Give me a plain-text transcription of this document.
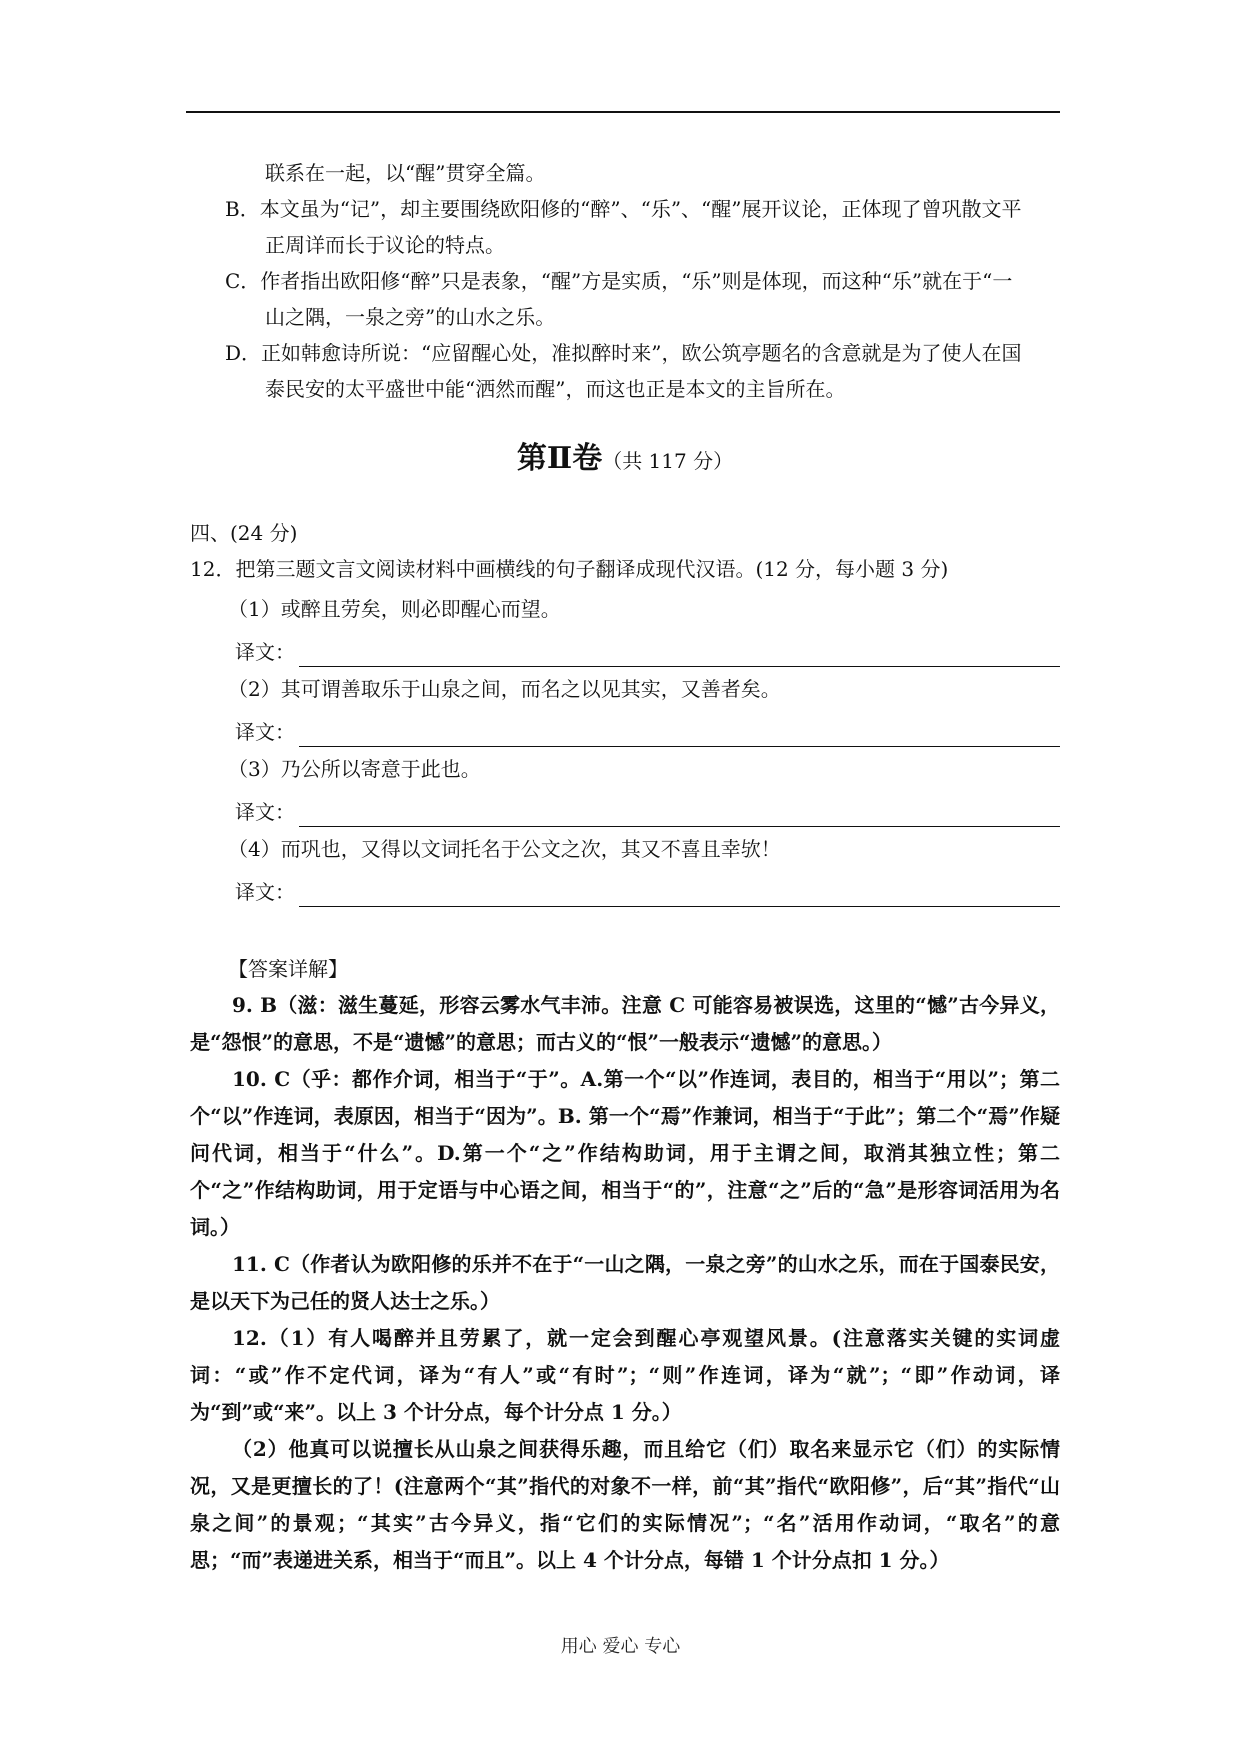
联系在一起，以“醒”贯穿全篇。
B．本文虽为“记”，却主要围绕欧阳修的“醉”、“乐”、“醒”展开议论，正体现了曾巩散文平
正周详而长于议论的特点。
C．作者指出欧阳修“醉”只是表象，“醒”方是实质，“乐”则是体现，而这种“乐”就在于“一
山之隅，一泉之旁”的山水之乐。
D．正如韩愈诗所说：“应留醒心处，准拟醉时来”，欧公筑亭题名的含意就是为了使人在国
泰民安的太平盛世中能“洒然而醒”，而这也正是本文的主旨所在。
第Ⅱ卷（共 117 分）
四、(24 分)
12．把第三题文言文阅读材料中画横线的句子翻译成现代汉语。(12 分，每小题 3 分)
（1）或醉且劳矣，则必即醒心而望。
译文：
（2）其可谓善取乐于山泉之间，而名之以见其实，又善者矣。
译文：
（3）乃公所以寄意于此也。
译文：
（4）而巩也，又得以文词托名于公文之次，其又不喜且幸欤！
译文：
【答案详解】

9. B（滋：滋生蔓延，形容云雾水气丰沛。注意 C 可能容易被误选，这里的“憾”古今异义，是“怨恨”的意思，不是“遗憾”的意思；而古义的“恨”一般表示“遗憾”的意思。）

10. C（乎：都作介词，相当于“于”。A.第一个“以”作连词，表目的，相当于“用以”；第二个“以”作连词，表原因，相当于“因为”。B. 第一个“焉”作兼词，相当于“于此”；第二个“焉”作疑问代词，相当于“什么”。D.第一个“之”作结构助词，用于主谓之间，取消其独立性；第二个“之”作结构助词，用于定语与中心语之间，相当于“的”，注意“之”后的“急”是形容词活用为名词。）

11. C（作者认为欧阳修的乐并不在于“一山之隅，一泉之旁”的山水之乐，而在于国泰民安，是以天下为己任的贤人达士之乐。）

12.（1）有人喝醉并且劳累了，就一定会到醒心亭观望风景。(注意落实关键的实词虚词：“或”作不定代词，译为“有人”或“有时”；“则”作连词，译为“就”；“即”作动词，译为“到”或“来”。以上 3 个计分点，每个计分点 1 分。）

（2）他真可以说擅长从山泉之间获得乐趣，而且给它（们）取名来显示它（们）的实际情况，又是更擅长的了！(注意两个“其”指代的对象不一样，前“其”指代“欧阳修”，后“其”指代“山泉之间”的景观；“其实”古今异义，指“它们的实际情况”；“名”活用作动词，“取名”的意思；“而”表递进关系，相当于“而且”。以上 4 个计分点，每错 1 个计分点扣 1 分。）

用心 爱心 专心
